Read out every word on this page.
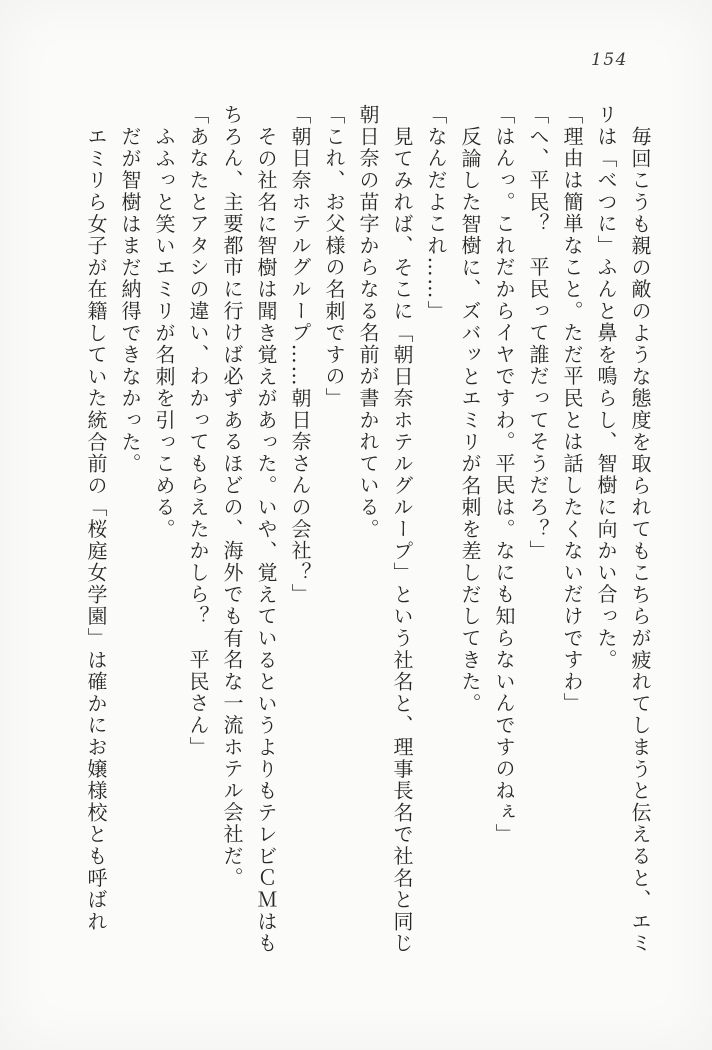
154

毎回こうも親の敵のような態度を取られてもこちらが疲れてしまうと伝えると、エミリは「べつに」ふんと鼻を鳴らし、智樹に向かい合った。

「理由は簡単なこと。ただ平民とは話したくないだけですわ」

「へ、平民？　平民って誰だってそうだろ？」

「はんっ。これだからイヤですわ。平民は。なにも知らないんですのねぇ」

反論した智樹に、ズバッとエミリが名刺を差しだしてきた。

「なんだよこれ……」

見てみれば、そこに「朝日奈ホテルグループ」という社名と、理事長名で社名と同じ朝日奈の苗字からなる名前が書かれている。

「これ、お父様の名刺ですの」

「朝日奈ホテルグループ……朝日奈さんの会社？」

その社名に智樹は聞き覚えがあった。いや、覚えているというよりもテレビＣＭはもちろん、主要都市に行けば必ずあるほどの、海外でも有名な一流ホテル会社だ。

「あなたとアタシの違い、わかってもらえたかしら？　平民さん」

ふふっと笑いエミリが名刺を引っこめる。

だが智樹はまだ納得できなかった。

エミリら女子が在籍していた統合前の「桜庭女学園」は確かにお嬢様校とも呼ばれ
